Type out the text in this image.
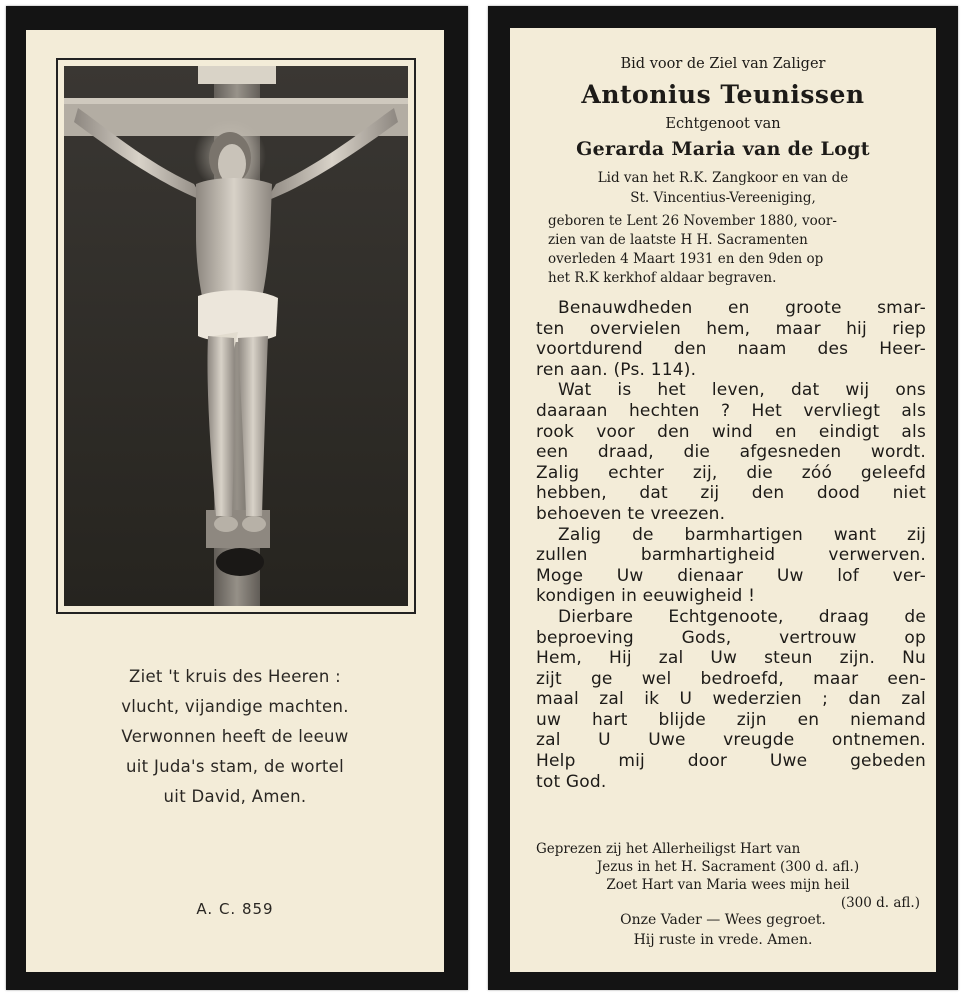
Ziet 't kruis des Heeren :
vlucht, vijandige machten.
Verwonnen heeft de leeuw
uit Juda's stam, de wortel
uit David, Amen.
A. C. 859
Bid voor de Ziel van Zaliger
Antonius Teunissen
Echtgenoot van
Gerarda Maria van de Logt
Lid van het R.K. Zangkoor en van de
St. Vincentius-Vereeniging,
geboren te Lent 26 November 1880, voor-
zien van de laatste H H. Sacramenten
overleden 4 Maart 1931 en den 9den op
het R.K kerkhof aldaar begraven.
Benauwdheden en groote smar-
ten overvielen hem, maar hij riep
voortdurend den naam des Heer-
ren aan. (Ps. 114).
Wat is het leven, dat wij ons
daaraan hechten ? Het vervliegt als
rook voor den wind en eindigt als
een draad, die afgesneden wordt.
Zalig echter zij, die zóó geleefd
hebben, dat zij den dood niet
behoeven te vreezen.
Zalig de barmhartigen want zij
zullen barmhartigheid verwerven.
Moge Uw dienaar Uw lof ver-
kondigen in eeuwigheid !
Dierbare Echtgenoote, draag de
beproeving Gods, vertrouw op
Hem, Hij zal Uw steun zijn. Nu
zijt ge wel bedroefd, maar een-
maal zal ik U wederzien ; dan zal
uw hart blijde zijn en niemand
zal U Uwe vreugde ontnemen.
Help mij door Uwe gebeden
tot God.
Geprezen zij het Allerheiligst Hart van
Jezus in het H. Sacrament (300 d. afl.)
Zoet Hart van Maria wees mijn heil
(300 d. afl.)
Onze Vader — Wees gegroet.
Hij ruste in vrede. Amen.
